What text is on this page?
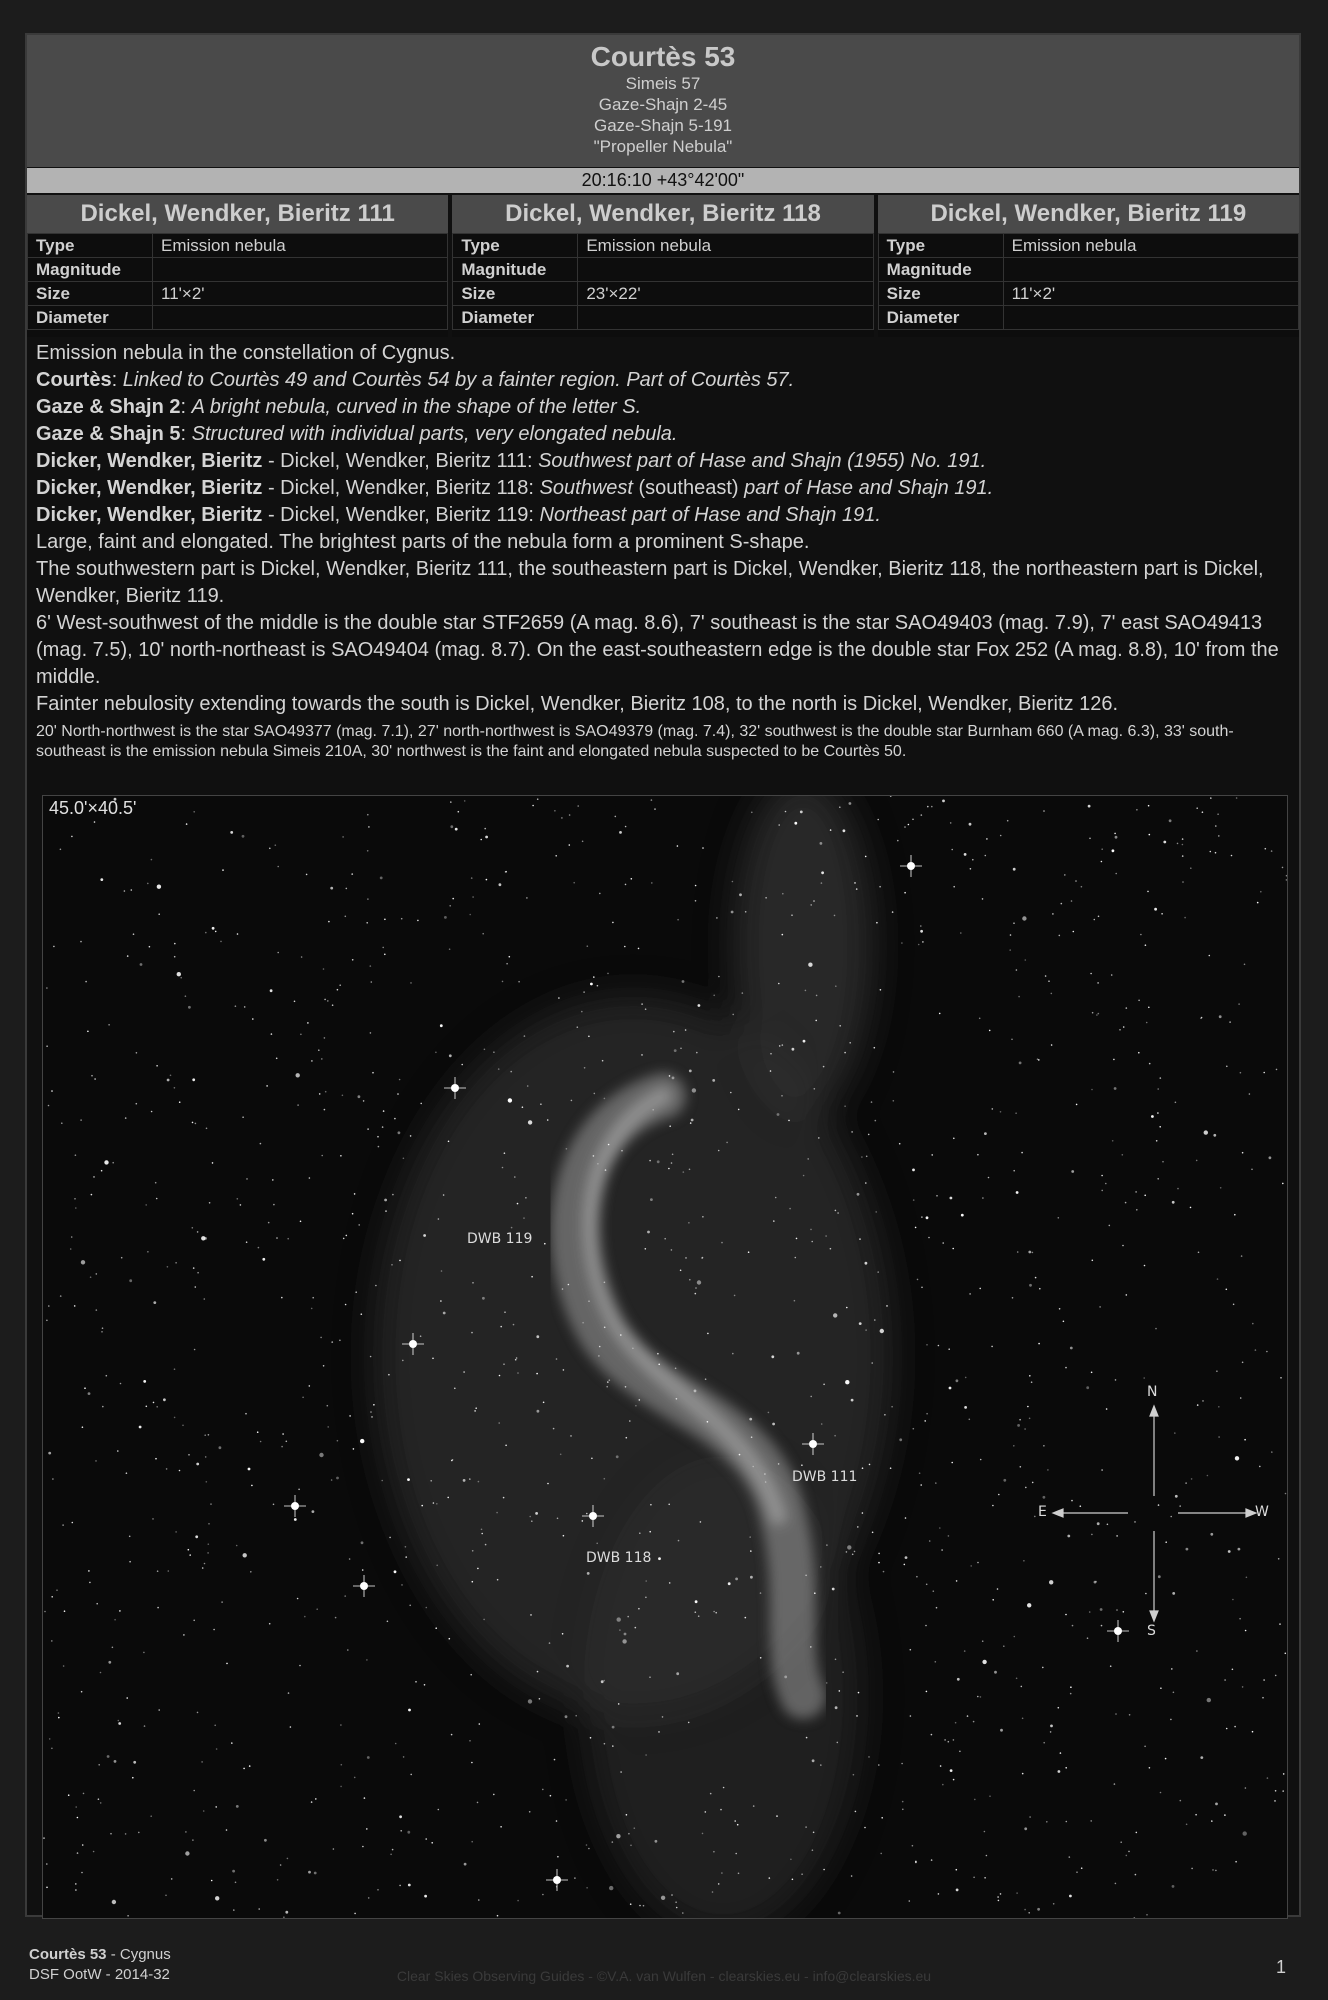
Courtès 53
Simeis 57
Gaze-Shajn 2-45
Gaze-Shajn 5-191
"Propeller Nebula"
20:16:10 +43°42'00"
Dickel, Wendker, Bieritz 111
Type	Emission nebula
Magnitude	
Size	11'×2'
Diameter	
Dickel, Wendker, Bieritz 118
Type	Emission nebula
Magnitude	
Size	23'×22'
Diameter	
Dickel, Wendker, Bieritz 119
Type	Emission nebula
Magnitude	
Size	11'×2'
Diameter	

Emission nebula in the constellation of Cygnus.

Courtès: Linked to Courtès 49 and Courtès 54 by a fainter region. Part of Courtès 57.

Gaze & Shajn 2: A bright nebula, curved in the shape of the letter S.

Gaze & Shajn 5: Structured with individual parts, very elongated nebula.

Dicker, Wendker, Bieritz - Dickel, Wendker, Bieritz 111: Southwest part of Hase and Shajn (1955) No. 191.

Dicker, Wendker, Bieritz - Dickel, Wendker, Bieritz 118: Southwest (southeast) part of Hase and Shajn 191.

Dicker, Wendker, Bieritz - Dickel, Wendker, Bieritz 119: Northeast part of Hase and Shajn 191.

Large, faint and elongated. The brightest parts of the nebula form a prominent S-shape.

The southwestern part is Dickel, Wendker, Bieritz 111, the southeastern part is Dickel, Wendker, Bieritz 118, the northeastern part is Dickel, Wendker, Bieritz 119.

6' West-southwest of the middle is the double star STF2659 (A mag. 8.6), 7' southeast is the star SAO49403 (mag. 7.9), 7' east SAO49413 (mag. 7.5), 10' north-northeast is SAO49404 (mag. 8.7). On the east-southeastern edge is the double star Fox 252 (A mag. 8.8), 10' from the middle.

Fainter nebulosity extending towards the south is Dickel, Wendker, Bieritz 108, to the north is Dickel, Wendker, Bieritz 126.

20' North-northwest is the star SAO49377 (mag. 7.1), 27' north-northwest is SAO49379 (mag. 7.4), 32' southwest is the double star Burnham 660 (A mag. 6.3), 33' south-southeast is the emission nebula Simeis 210A, 30' northwest is the faint and elongated nebula suspected to be Courtès 50.

45.0'×40.5'
DWB 119
DWB 111
DWB 118
N
S
E	W
Courtès 53 - Cygnus
DSF OotW - 2014-32	Clear Skies Observing Guides - ©V.A. van Wulfen - clearskies.eu - info@clearskies.eu	1
